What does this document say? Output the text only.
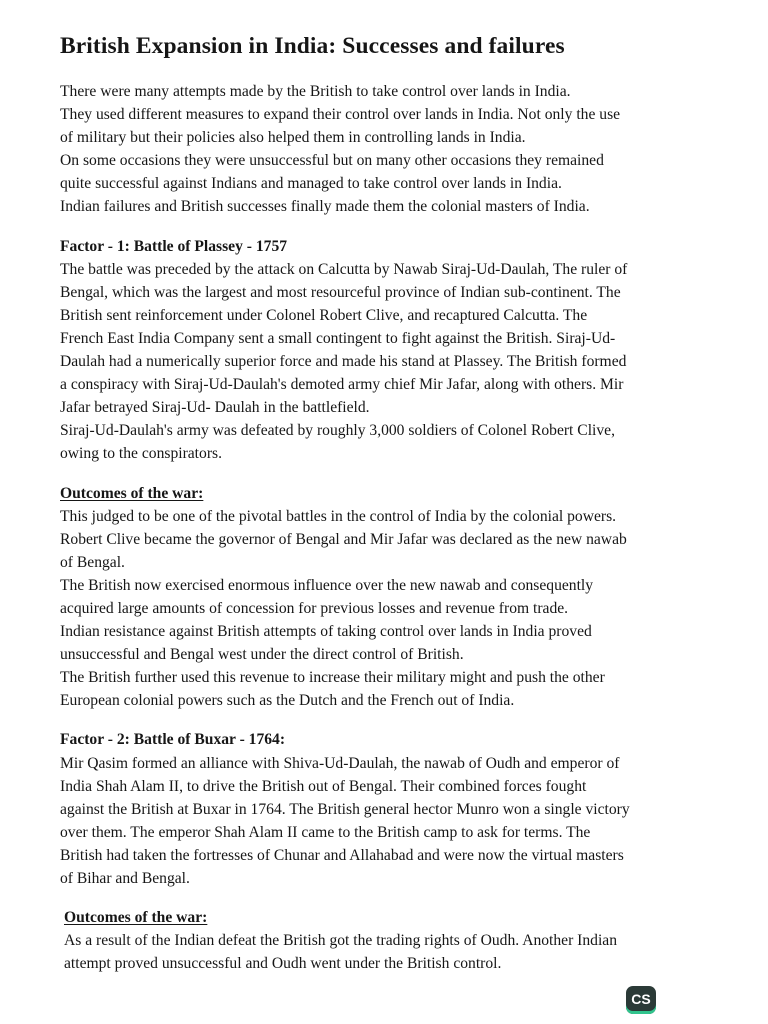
British Expansion in India: Successes and failures
There were many attempts made by the British to take control over lands in India.
They used different measures to expand their control over lands in India. Not only the use
of military but their policies also helped them in controlling lands in India.
On some occasions they were unsuccessful but on many other occasions they remained
quite successful against Indians and managed to take control over lands in India.
Indian failures and British successes finally made them the colonial masters of India.
Factor - 1: Battle of Plassey - 1757
The battle was preceded by the attack on Calcutta by Nawab Siraj-Ud-Daulah, The ruler of
Bengal, which was the largest and most resourceful province of Indian sub-continent. The
British sent reinforcement under Colonel Robert Clive, and recaptured Calcutta. The
French East India Company sent a small contingent to fight against the British. Siraj-Ud-
Daulah had a numerically superior force and made his stand at Plassey. The British formed
a conspiracy with Siraj-Ud-Daulah's demoted army chief Mir Jafar, along with others. Mir
Jafar betrayed Siraj-Ud- Daulah in the battlefield.
Siraj-Ud-Daulah's army was defeated by roughly 3,000 soldiers of Colonel Robert Clive,
owing to the conspirators.
Outcomes of the war:
This judged to be one of the pivotal battles in the control of India by the colonial powers.
Robert Clive became the governor of Bengal and Mir Jafar was declared as the new nawab
of Bengal.
The British now exercised enormous influence over the new nawab and consequently
acquired large amounts of concession for previous losses and revenue from trade.
Indian resistance against British attempts of taking control over lands in India proved
unsuccessful and Bengal west under the direct control of British.
The British further used this revenue to increase their military might and push the other
European colonial powers such as the Dutch and the French out of India.
Factor - 2: Battle of Buxar - 1764:
Mir Qasim formed an alliance with Shiva-Ud-Daulah, the nawab of Oudh and emperor of
India Shah Alam II, to drive the British out of Bengal. Their combined forces fought
against the British at Buxar in 1764. The British general hector Munro won a single victory
over them. The emperor Shah Alam II came to the British camp to ask for terms. The
British had taken the fortresses of Chunar and Allahabad and were now the virtual masters
of Bihar and Bengal.
Outcomes of the war:
As a result of the Indian defeat the British got the trading rights of Oudh. Another Indian
attempt proved unsuccessful and Oudh went under the British control.
CS
